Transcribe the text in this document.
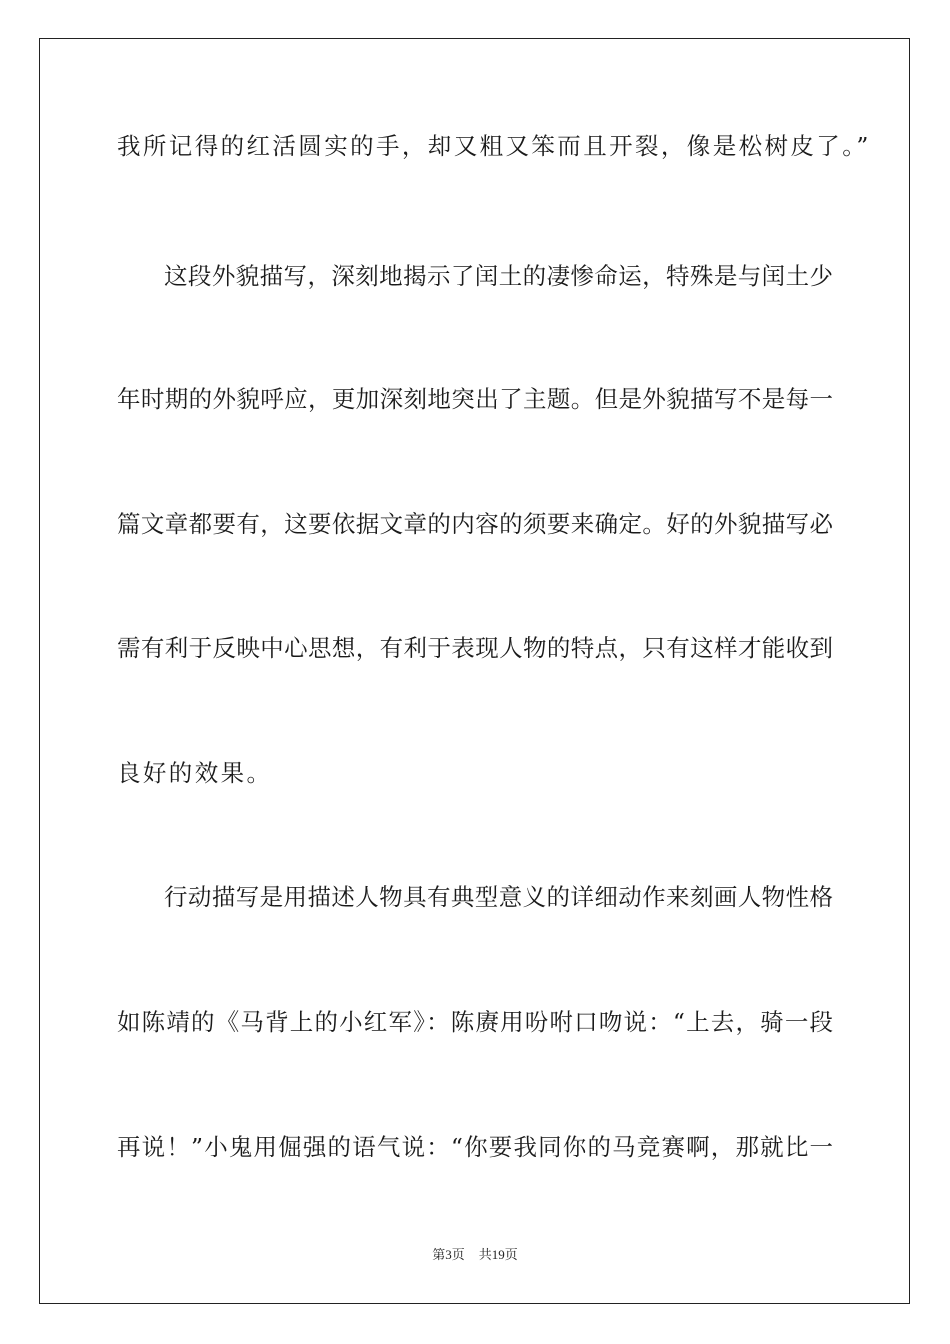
我所记得的红活圆实的手，却又粗又笨而且开裂，像是松树皮了。”
这段外貌描写，深刻地揭示了闰土的凄惨命运，特殊是与闰土少
年时期的外貌呼应，更加深刻地突出了主题。但是外貌描写不是每一
篇文章都要有，这要依据文章的内容的须要来确定。好的外貌描写必
需有利于反映中心思想，有利于表现人物的特点，只有这样才能收到
良好的效果。
行动描写是用描述人物具有典型意义的详细动作来刻画人物性格
如陈靖的《马背上的小红军》：陈赓用吩咐口吻说：“上去，骑一段
再说！”小鬼用倔强的语气说：“你要我同你的马竞赛啊，那就比一
第3页 共19页
